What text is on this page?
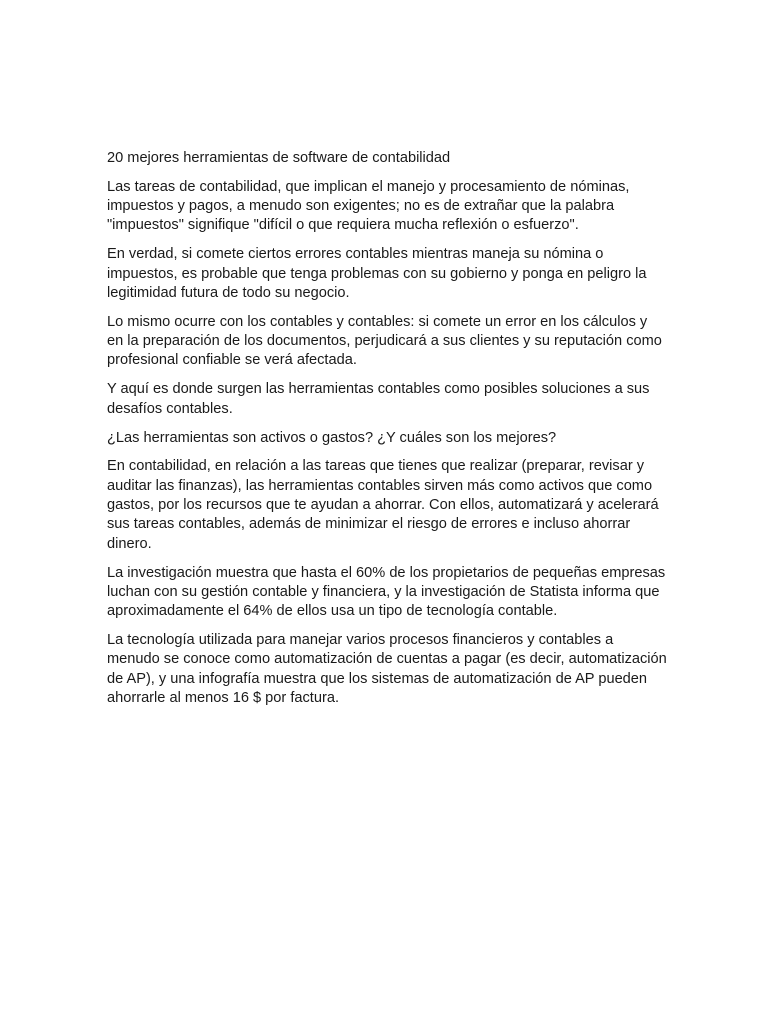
20 mejores herramientas de software de contabilidad

Las tareas de contabilidad, que implican el manejo y procesamiento de nóminas, impuestos y pagos, a menudo son exigentes; no es de extrañar que la palabra "impuestos" signifique "difícil o que requiera mucha reflexión o esfuerzo".

En verdad, si comete ciertos errores contables mientras maneja su nómina o impuestos, es probable que tenga problemas con su gobierno y ponga en peligro la legitimidad futura de todo su negocio.

Lo mismo ocurre con los contables y contables: si comete un error en los cálculos y en la preparación de los documentos, perjudicará a sus clientes y su reputación como profesional confiable se verá afectada.

Y aquí es donde surgen las herramientas contables como posibles soluciones a sus desafíos contables.

¿Las herramientas son activos o gastos? ¿Y cuáles son los mejores?

En contabilidad, en relación a las tareas que tienes que realizar (preparar, revisar y auditar las finanzas), las herramientas contables sirven más como activos que como gastos, por los recursos que te ayudan a ahorrar. Con ellos, automatizará y acelerará sus tareas contables, además de minimizar el riesgo de errores e incluso ahorrar dinero.

La investigación muestra que hasta el 60% de los propietarios de pequeñas empresas luchan con su gestión contable y financiera, y la investigación de Statista informa que aproximadamente el 64% de ellos usa un tipo de tecnología contable.

La tecnología utilizada para manejar varios procesos financieros y contables a menudo se conoce como automatización de cuentas a pagar (es decir, automatización de AP), y una infografía muestra que los sistemas de automatización de AP pueden ahorrarle al menos 16 $ por factura.
